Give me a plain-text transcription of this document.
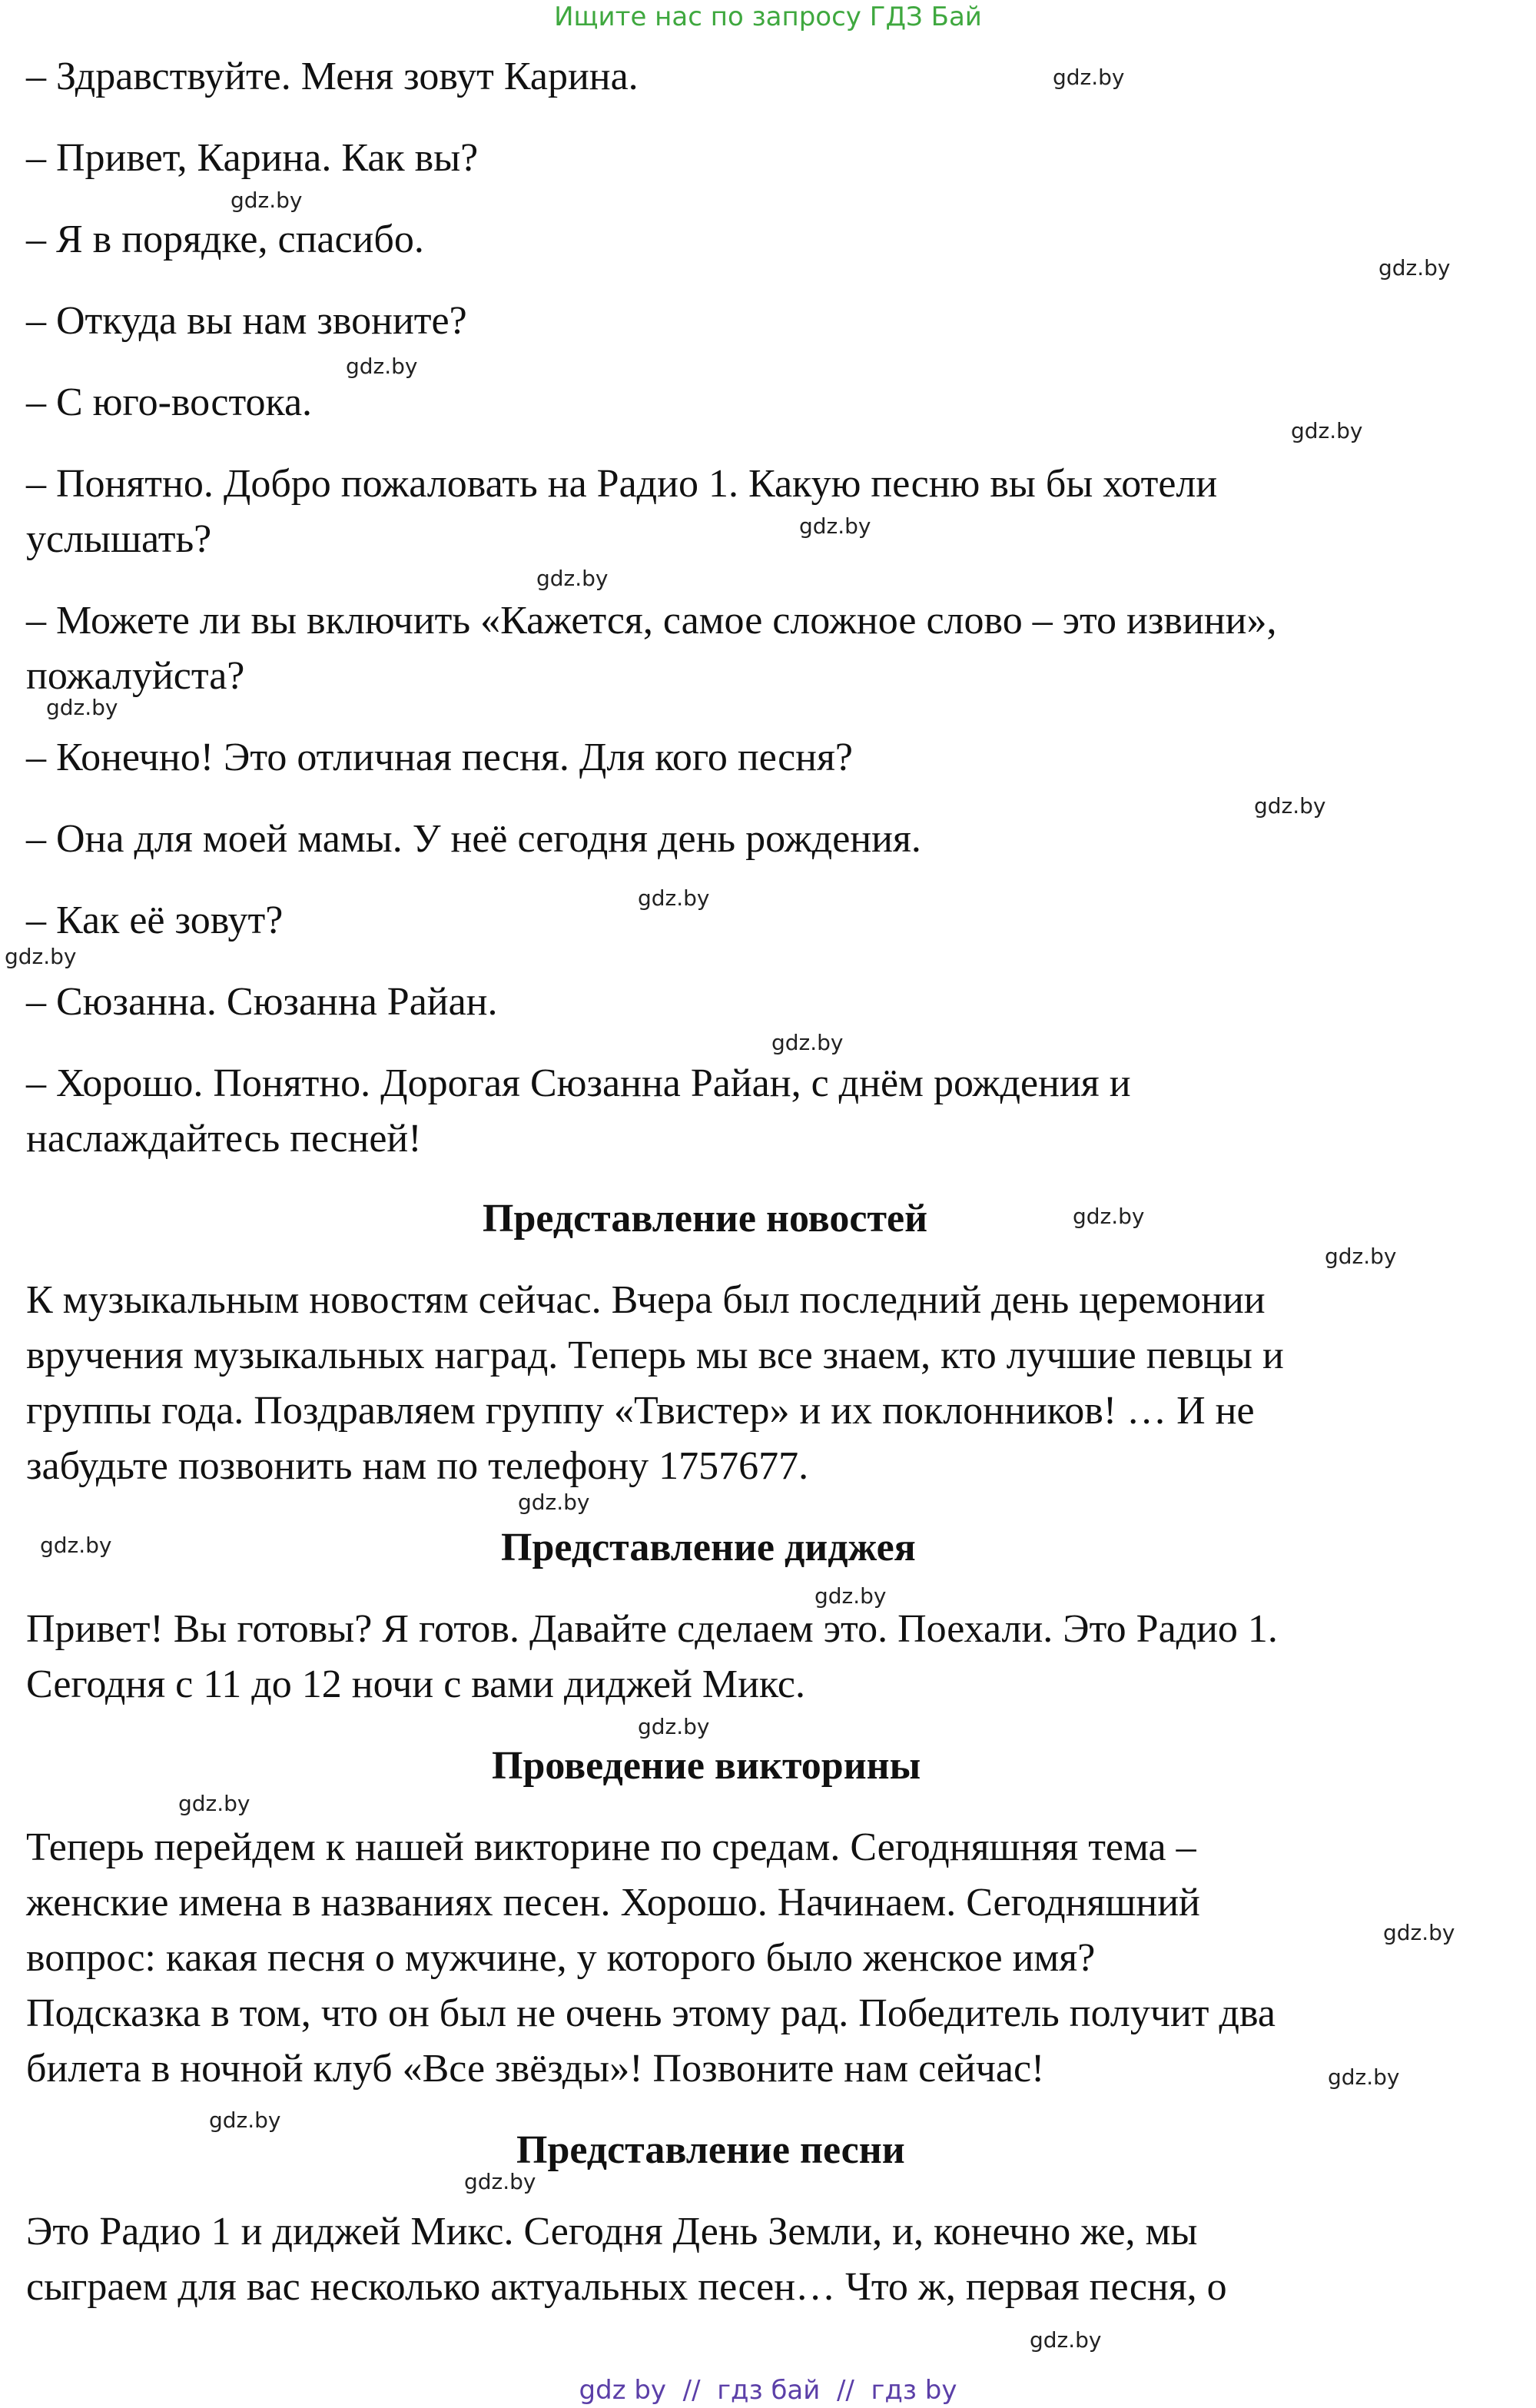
Ищите нас по запросу ГДЗ Бай
– Здравствуйте. Меня зовут Карина.
– Привет, Карина. Как вы?
– Я в порядке, спасибо.
– Откуда вы нам звоните?
– С юго-востока.
– Понятно. Добро пожаловать на Радио 1. Какую песню вы бы хотели
услышать?
– Можете ли вы включить «Кажется, самое сложное слово – это извини»,
пожалуйста?
– Конечно! Это отличная песня. Для кого песня?
– Она для моей мамы. У неё сегодня день рождения.
– Как её зовут?
– Сюзанна. Сюзанна Райан.
– Хорошо. Понятно. Дорогая Сюзанна Райан, с днём рождения и
наслаждайтесь песней!
Представление новостей
К музыкальным новостям сейчас. Вчера был последний день церемонии
вручения музыкальных наград. Теперь мы все знаем, кто лучшие певцы и
группы года. Поздравляем группу «Твистер» и их поклонников! … И не
забудьте позвонить нам по телефону 1757677.
Представление диджея
Привет! Вы готовы? Я готов. Давайте сделаем это. Поехали. Это Радио 1.
Сегодня с 11 до 12 ночи с вами диджей Микс.
Проведение викторины
Теперь перейдем к нашей викторине по средам. Сегодняшняя тема –
женские имена в названиях песен. Хорошо. Начинаем. Сегодняшний
вопрос: какая песня о мужчине, у которого было женское имя?
Подсказка в том, что он был не очень этому рад. Победитель получит два
билета в ночной клуб «Все звёзды»! Позвоните нам сейчас!
Представление песни
Это Радио 1 и диджей Микс. Сегодня День Земли, и, конечно же, мы
сыграем для вас несколько актуальных песен… Что ж, первая песня, о
gdz.by
gdz.by
gdz.by
gdz.by
gdz.by
gdz.by
gdz.by
gdz.by
gdz.by
gdz.by
gdz.by
gdz.by
gdz.by
gdz.by
gdz.by
gdz.by
gdz.by
gdz.by
gdz.by
gdz.by
gdz.by
gdz.by
gdz.by
gdz.by
gdz by  //  гдз бай  //  гдз by
